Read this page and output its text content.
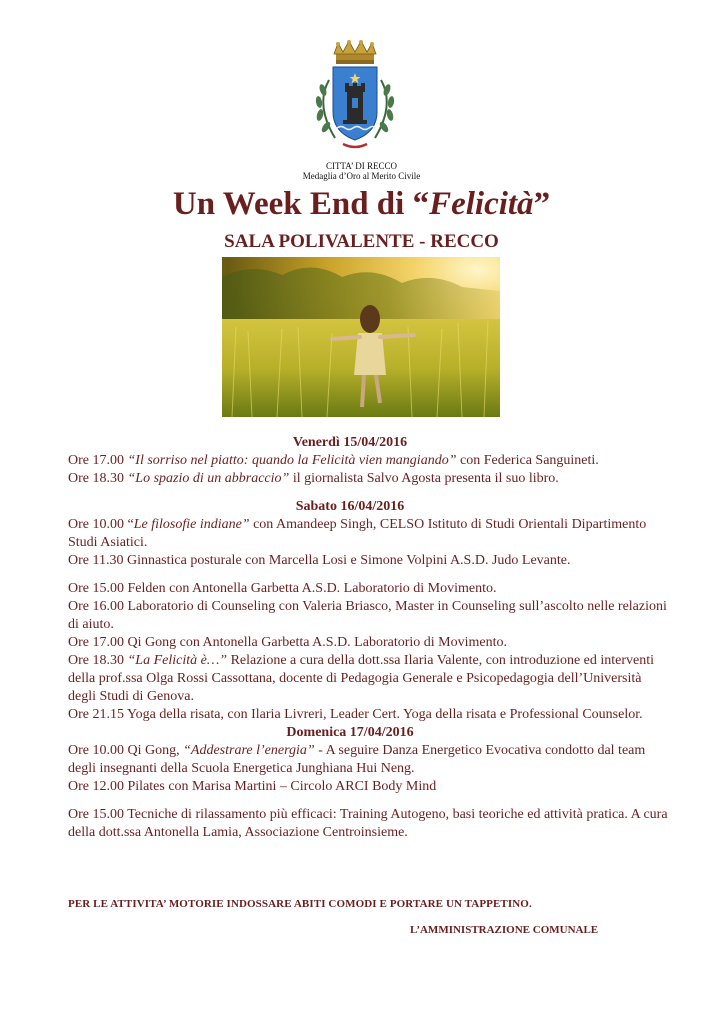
CITTA’ DI RECCO
Medaglia d’Oro al Merito Civile
Un Week End di “Felicità”
SALA POLIVALENTE - RECCO
Venerdì 15/04/2016
Ore 17.00 “Il sorriso nel piatto: quando la Felicità vien mangiando” con Federica Sanguineti.
Ore 18.30 “Lo spazio di un abbraccio” il giornalista Salvo Agosta presenta il suo libro.
Sabato 16/04/2016
Ore 10.00 “Le filosofie indiane” con Amandeep Singh, CELSO Istituto di Studi Orientali Dipartimento Studi Asiatici.
Ore 11.30 Ginnastica posturale con Marcella Losi e Simone Volpini A.S.D. Judo Levante.
Ore 15.00 Felden con Antonella Garbetta A.S.D. Laboratorio di Movimento.
Ore 16.00 Laboratorio di Counseling con Valeria Briasco, Master in Counseling sull’ascolto nelle relazioni di aiuto.
Ore 17.00 Qi Gong con Antonella Garbetta A.S.D. Laboratorio di Movimento.
Ore 18.30 “La Felicità è…” Relazione a cura della dott.ssa Ilaria Valente, con introduzione ed interventi della prof.ssa Olga Rossi Cassottana, docente di Pedagogia Generale e Psicopedagogia dell’Università degli Studi di Genova.
Ore 21.15 Yoga della risata, con Ilaria Livreri, Leader Cert. Yoga della risata e Professional Counselor.
Domenica 17/04/2016
Ore 10.00 Qi Gong, “Addestrare l’energia” - A seguire Danza Energetico Evocativa condotto dal team degli insegnanti della Scuola Energetica Junghiana Hui Neng.
Ore 12.00 Pilates con Marisa Martini – Circolo ARCI Body Mind
Ore 15.00 Tecniche di rilassamento più efficaci: Training Autogeno, basi teoriche ed attività pratica. A cura della dott.ssa Antonella Lamia, Associazione Centroinsieme.
PER LE ATTIVITA’ MOTORIE INDOSSARE ABITI COMODI E PORTARE UN TAPPETINO.
L’AMMINISTRAZIONE COMUNALE
